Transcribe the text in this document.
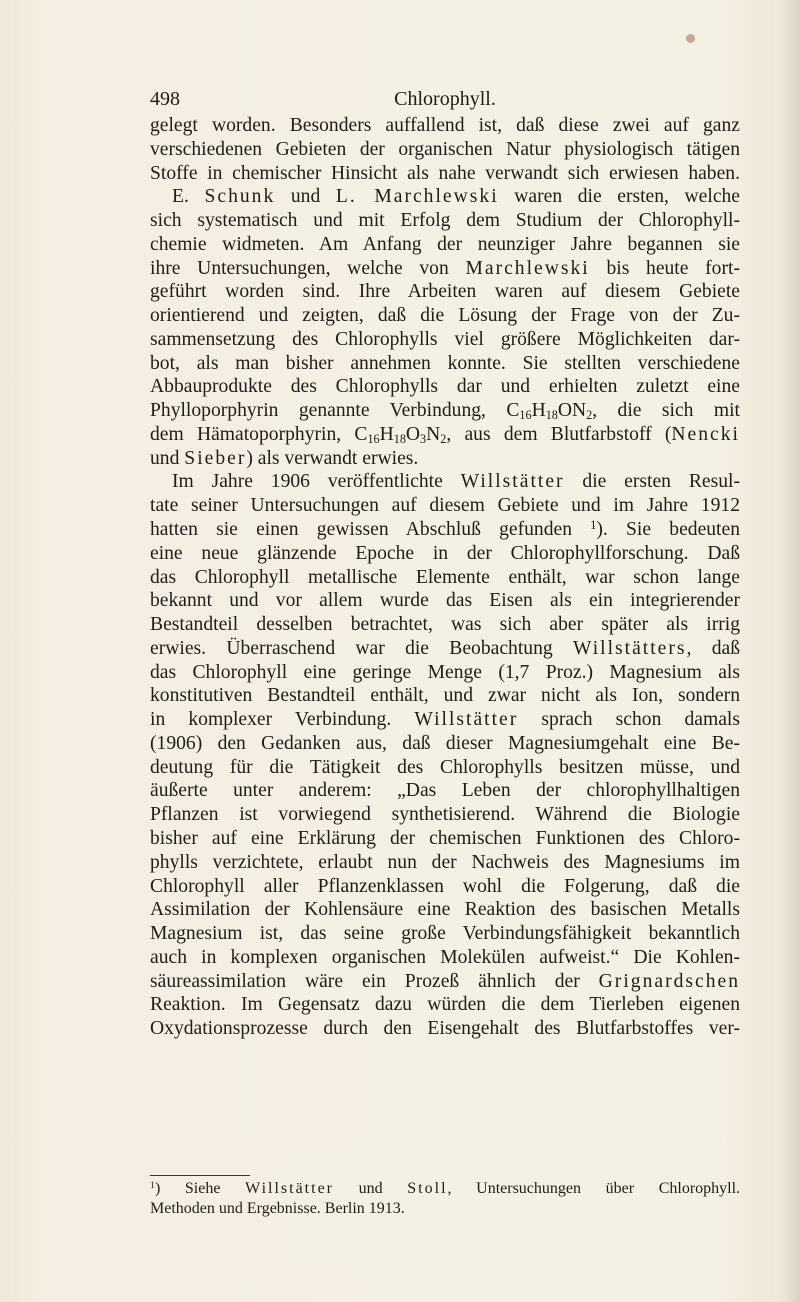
498	Chlorophyll.
gelegt worden. Besonders auffallend ist, daß diese zwei auf ganz
verschiedenen Gebieten der organischen Natur physiologisch tätigen
Stoffe in chemischer Hinsicht als nahe verwandt sich erwiesen haben.
E. Schunk und L. Marchlewski waren die ersten, welche
sich systematisch und mit Erfolg dem Studium der Chlorophyll-
chemie widmeten. Am Anfang der neunziger Jahre begannen sie
ihre Untersuchungen, welche von Marchlewski bis heute fort-
geführt worden sind. Ihre Arbeiten waren auf diesem Gebiete
orientierend und zeigten, daß die Lösung der Frage von der Zu-
sammensetzung des Chlorophylls viel größere Möglichkeiten dar-
bot, als man bisher annehmen konnte. Sie stellten verschiedene
Abbauprodukte des Chlorophylls dar und erhielten zuletzt eine
Phylloporphyrin genannte Verbindung, $C_{16}H_{18}ON_2$, die sich mit
dem Hämatoporphyrin, $C_{16}H_{18}O_3N_2$, aus dem Blutfarbstoff (Nencki
und Sieber) als verwandt erwies.
Im Jahre 1906 veröffentlichte Willstätter die ersten Resul-
tate seiner Untersuchungen auf diesem Gebiete und im Jahre 1912
hatten sie einen gewissen Abschluß gefunden $^1$). Sie bedeuten
eine neue glänzende Epoche in der Chlorophyllforschung. Daß
das Chlorophyll metallische Elemente enthält, war schon lange
bekannt und vor allem wurde das Eisen als ein integrierender
Bestandteil desselben betrachtet, was sich aber später als irrig
erwies. Überraschend war die Beobachtung Willstätters, daß
das Chlorophyll eine geringe Menge (1,7 Proz.) Magnesium als
konstitutiven Bestandteil enthält, und zwar nicht als Ion, sondern
in komplexer Verbindung. Willstätter sprach schon damals
(1906) den Gedanken aus, daß dieser Magnesiumgehalt eine Be-
deutung für die Tätigkeit des Chlorophylls besitzen müsse, und
äußerte unter anderem: „Das Leben der chlorophyllhaltigen
Pflanzen ist vorwiegend synthetisierend. Während die Biologie
bisher auf eine Erklärung der chemischen Funktionen des Chloro-
phylls verzichtete, erlaubt nun der Nachweis des Magnesiums im
Chlorophyll aller Pflanzenklassen wohl die Folgerung, daß die
Assimilation der Kohlensäure eine Reaktion des basischen Metalls
Magnesium ist, das seine große Verbindungsfähigkeit bekanntlich
auch in komplexen organischen Molekülen aufweist.“ Die Kohlen-
säureassimilation wäre ein Prozeß ähnlich der Grignardschen
Reaktion. Im Gegensatz dazu würden die dem Tierleben eigenen
Oxydationsprozesse durch den Eisengehalt des Blutfarbstoffes ver-
$^1$) Siehe Willstätter und Stoll, Untersuchungen über Chlorophyll.
Methoden und Ergebnisse. Berlin 1913.
